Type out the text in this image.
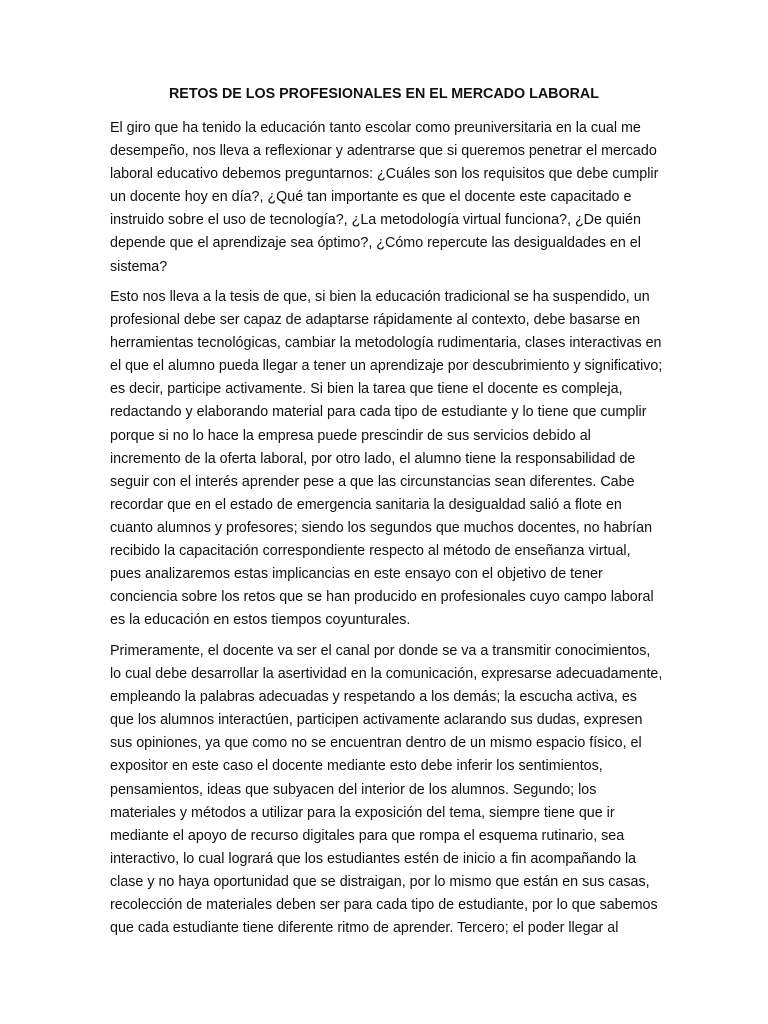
RETOS DE LOS PROFESIONALES EN EL MERCADO LABORAL

El giro que ha tenido la educación tanto escolar como preuniversitaria en la cual me
desempeño, nos lleva a reflexionar y adentrarse que si queremos penetrar el mercado
laboral educativo debemos preguntarnos: ¿Cuáles son los requisitos que debe cumplir
un docente hoy en día?, ¿Qué tan importante es que el docente este capacitado e
instruido sobre el uso de tecnología?, ¿La metodología virtual funciona?, ¿De quién
depende que el aprendizaje sea óptimo?, ¿Cómo repercute las desigualdades en el
sistema?

Esto nos lleva a la tesis de que, si bien la educación tradicional se ha suspendido, un
profesional debe ser capaz de adaptarse rápidamente al contexto, debe basarse en
herramientas tecnológicas, cambiar la metodología rudimentaria, clases interactivas en
el que el alumno pueda llegar a tener un aprendizaje por descubrimiento y significativo;
es decir, participe activamente. Si bien la tarea que tiene el docente es compleja,
redactando y elaborando material para cada tipo de estudiante y lo tiene que cumplir
porque si no lo hace la empresa puede prescindir de sus servicios debido al
incremento de la oferta laboral, por otro lado, el alumno tiene la responsabilidad de
seguir con el interés aprender pese a que las circunstancias sean diferentes. Cabe
recordar que en el estado de emergencia sanitaria la desigualdad salió a flote en
cuanto alumnos y profesores; siendo los segundos que muchos docentes, no habrían
recibido la capacitación correspondiente respecto al método de enseñanza virtual,
pues analizaremos estas implicancias en este ensayo con el objetivo de tener
conciencia sobre los retos que se han producido en profesionales cuyo campo laboral
es la educación en estos tiempos coyunturales.

Primeramente, el docente va ser el canal por donde se va a transmitir conocimientos,
lo cual debe desarrollar la asertividad en la comunicación, expresarse adecuadamente,
empleando la palabras adecuadas y respetando a los demás; la escucha activa, es
que los alumnos interactúen, participen activamente aclarando sus dudas, expresen
sus opiniones, ya que como no se encuentran dentro de un mismo espacio físico, el
expositor en este caso el docente mediante esto debe inferir los sentimientos,
pensamientos, ideas que subyacen del interior de los alumnos. Segundo; los
materiales y métodos a utilizar para la exposición del tema, siempre tiene que ir
mediante el apoyo de recurso digitales para que rompa el esquema rutinario, sea
interactivo, lo cual logrará que los estudiantes estén de inicio a fin acompañando la
clase y no haya oportunidad que se distraigan, por lo mismo que están en sus casas,
recolección de materiales deben ser para cada tipo de estudiante, por lo que sabemos
que cada estudiante tiene diferente ritmo de aprender. Tercero; el poder llegar al
